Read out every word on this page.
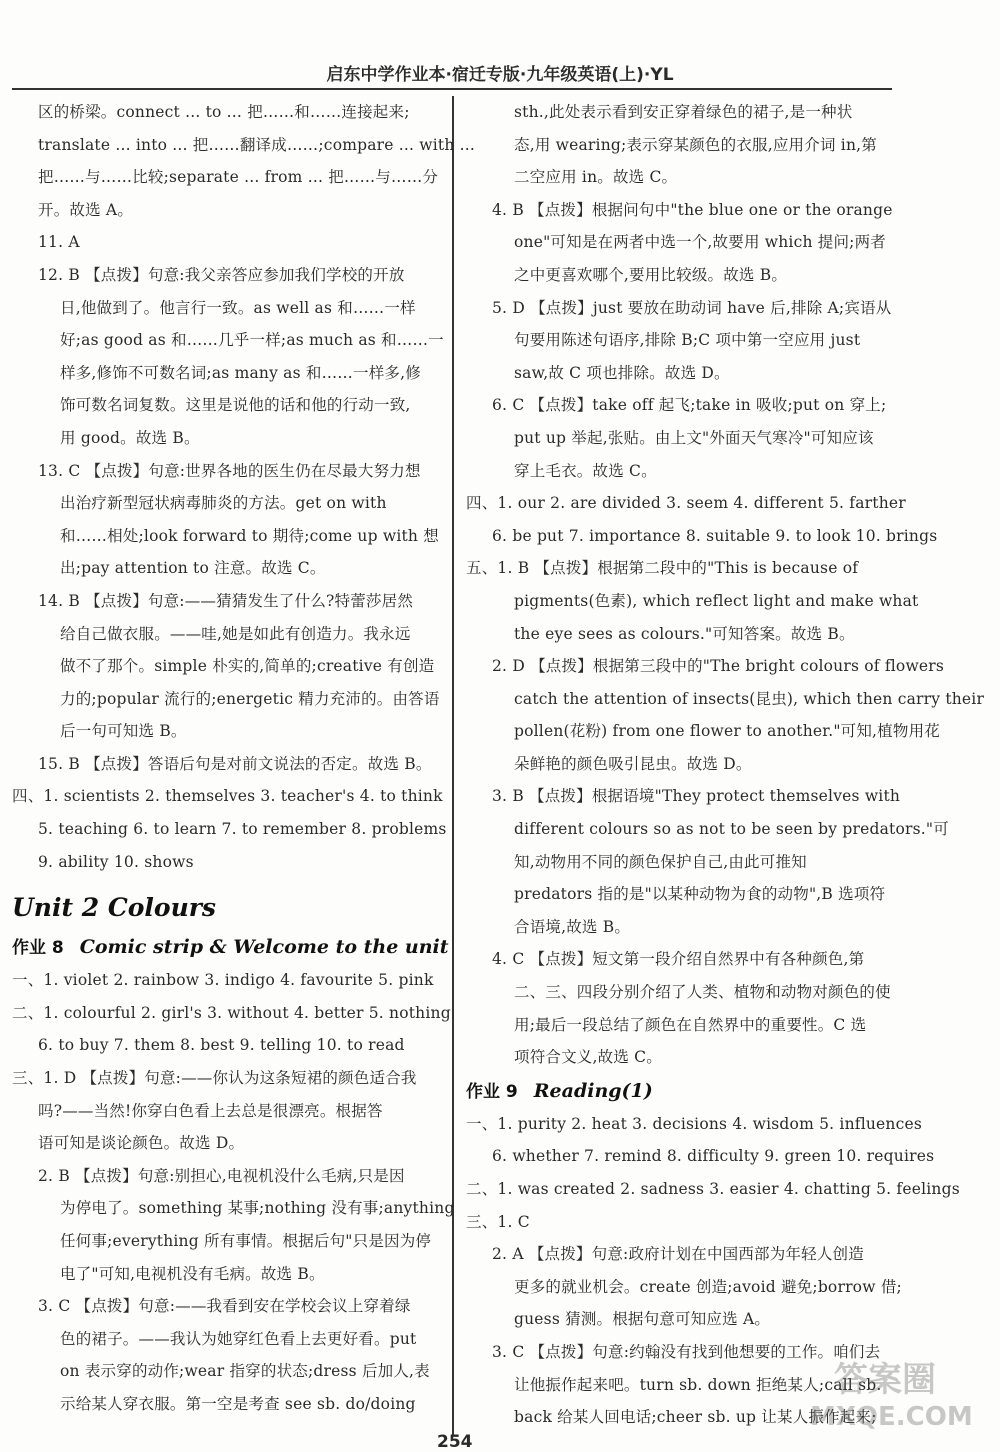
启东中学作业本·宿迁专版·九年级英语(上)·YL
区的桥梁。connect ... to ... 把……和……连接起来;
translate ... into ... 把……翻译成……;compare ... with ...
把……与……比较;separate ... from ... 把……与……分
开。故选 A。
11. A
12. B 【点拨】句意:我父亲答应参加我们学校的开放
日,他做到了。他言行一致。as well as 和……一样
好;as good as 和……几乎一样;as much as 和……一
样多,修饰不可数名词;as many as 和……一样多,修
饰可数名词复数。这里是说他的话和他的行动一致,
用 good。故选 B。
13. C 【点拨】句意:世界各地的医生仍在尽最大努力想
出治疗新型冠状病毒肺炎的方法。get on with
和……相处;look forward to 期待;come up with 想
出;pay attention to 注意。故选 C。
14. B 【点拨】句意:——猜猜发生了什么?特蕾莎居然
给自己做衣服。——哇,她是如此有创造力。我永远
做不了那个。simple 朴实的,简单的;creative 有创造
力的;popular 流行的;energetic 精力充沛的。由答语
后一句可知选 B。
15. B 【点拨】答语后句是对前文说法的否定。故选 B。
四、1. scientists 2. themselves 3. teacher's 4. to think
5. teaching 6. to learn 7. to remember 8. problems
9. ability 10. shows
Unit 2 Colours
作业 8 Comic strip & Welcome to the unit
一、1. violet 2. rainbow 3. indigo 4. favourite 5. pink
二、1. colourful 2. girl's 3. without 4. better 5. nothing
6. to buy 7. them 8. best 9. telling 10. to read
三、1. D 【点拨】句意:——你认为这条短裙的颜色适合我
吗?——当然!你穿白色看上去总是很漂亮。根据答
语可知是谈论颜色。故选 D。
2. B 【点拨】句意:别担心,电视机没什么毛病,只是因
为停电了。something 某事;nothing 没有事;anything
任何事;everything 所有事情。根据后句"只是因为停
电了"可知,电视机没有毛病。故选 B。
3. C 【点拨】句意:——我看到安在学校会议上穿着绿
色的裙子。——我认为她穿红色看上去更好看。put
on 表示穿的动作;wear 指穿的状态;dress 后加人,表
示给某人穿衣服。第一空是考查 see sb. do/doing
sth.,此处表示看到安正穿着绿色的裙子,是一种状
态,用 wearing;表示穿某颜色的衣服,应用介词 in,第
二空应用 in。故选 C。
4. B 【点拨】根据问句中"the blue one or the orange
one"可知是在两者中选一个,故要用 which 提问;两者
之中更喜欢哪个,要用比较级。故选 B。
5. D 【点拨】just 要放在助动词 have 后,排除 A;宾语从
句要用陈述句语序,排除 B;C 项中第一空应用 just
saw,故 C 项也排除。故选 D。
6. C 【点拨】take off 起飞;take in 吸收;put on 穿上;
put up 举起,张贴。由上文"外面天气寒冷"可知应该
穿上毛衣。故选 C。
四、1. our 2. are divided 3. seem 4. different 5. farther
6. be put 7. importance 8. suitable 9. to look 10. brings
五、1. B 【点拨】根据第二段中的"This is because of
pigments(色素), which reflect light and make what
the eye sees as colours."可知答案。故选 B。
2. D 【点拨】根据第三段中的"The bright colours of flowers
catch the attention of insects(昆虫), which then carry their
pollen(花粉) from one flower to another."可知,植物用花
朵鲜艳的颜色吸引昆虫。故选 D。
3. B 【点拨】根据语境"They protect themselves with
different colours so as not to be seen by predators."可
知,动物用不同的颜色保护自己,由此可推知
predators 指的是"以某种动物为食的动物",B 选项符
合语境,故选 B。
4. C 【点拨】短文第一段介绍自然界中有各种颜色,第
二、三、四段分别介绍了人类、植物和动物对颜色的使
用;最后一段总结了颜色在自然界中的重要性。C 选
项符合文义,故选 C。
作业 9 Reading(1)
一、1. purity 2. heat 3. decisions 4. wisdom 5. influences
6. whether 7. remind 8. difficulty 9. green 10. requires
二、1. was created 2. sadness 3. easier 4. chatting 5. feelings
三、1. C
2. A 【点拨】句意:政府计划在中国西部为年轻人创造
更多的就业机会。create 创造;avoid 避免;borrow 借;
guess 猜测。根据句意可知应选 A。
3. C 【点拨】句意:约翰没有找到他想要的工作。咱们去
让他振作起来吧。turn sb. down 拒绝某人;call sb.
back 给某人回电话;cheer sb. up 让某人振作起来;
答案圈
MXQE.COM
254
